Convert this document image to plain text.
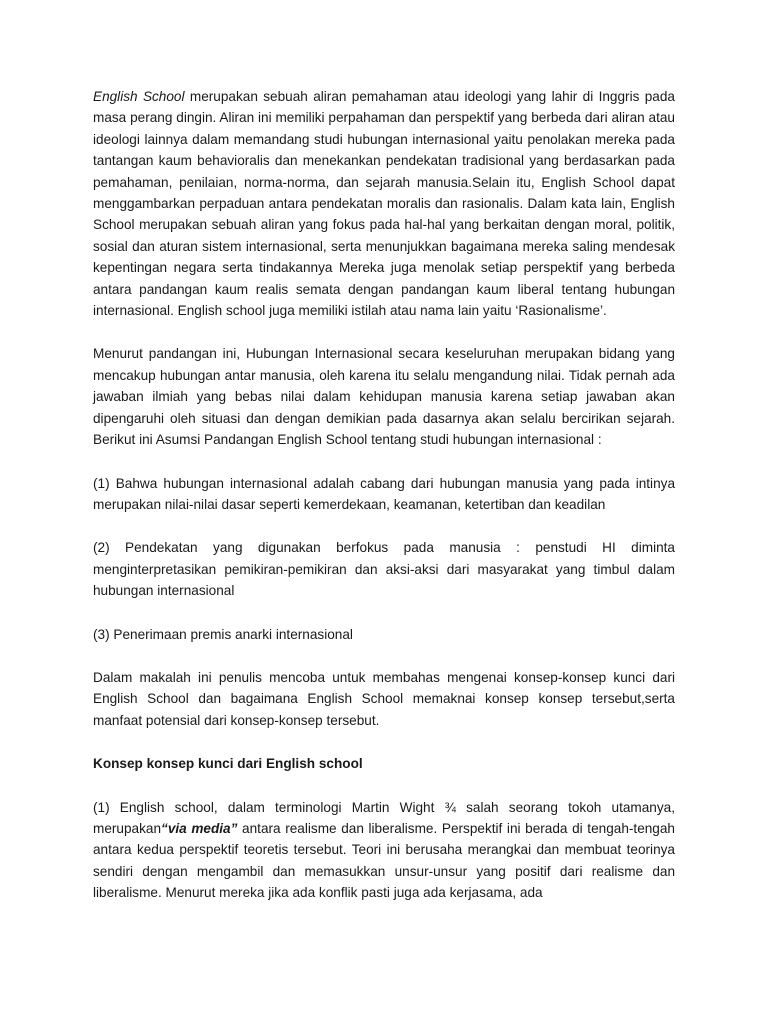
English School merupakan sebuah aliran pemahaman atau ideologi yang lahir di Inggris pada masa perang dingin. Aliran ini memiliki perpahaman dan perspektif yang berbeda dari aliran atau ideologi lainnya dalam memandang studi hubungan internasional yaitu penolakan mereka pada tantangan kaum behavioralis dan menekankan pendekatan tradisional yang berdasarkan pada pemahaman, penilaian, norma-norma, dan sejarah manusia.Selain itu, English School dapat menggambarkan perpaduan antara pendekatan moralis dan rasionalis. Dalam kata lain, English School merupakan sebuah aliran yang fokus pada hal-hal yang berkaitan dengan moral, politik, sosial dan aturan sistem internasional, serta menunjukkan bagaimana mereka saling mendesak kepentingan negara serta tindakannya Mereka juga menolak setiap perspektif yang berbeda antara pandangan kaum realis semata dengan pandangan kaum liberal tentang hubungan internasional. English school juga memiliki istilah atau nama lain yaitu ‘Rasionalisme’.

Menurut pandangan ini, Hubungan Internasional secara keseluruhan merupakan bidang yang mencakup hubungan antar manusia, oleh karena itu selalu mengandung nilai. Tidak pernah ada jawaban ilmiah yang bebas nilai dalam kehidupan manusia karena setiap jawaban akan dipengaruhi oleh situasi dan dengan demikian pada dasarnya akan selalu bercirikan sejarah. Berikut ini Asumsi Pandangan English School tentang studi hubungan internasional :

(1) Bahwa hubungan internasional adalah cabang dari hubungan manusia yang pada intinya merupakan nilai-nilai dasar seperti kemerdekaan, keamanan, ketertiban dan keadilan

(2) Pendekatan yang digunakan berfokus pada manusia : penstudi HI diminta menginterpretasikan pemikiran-pemikiran dan aksi-aksi dari masyarakat yang timbul dalam hubungan internasional

(3) Penerimaan premis anarki internasional

Dalam makalah ini penulis mencoba untuk membahas mengenai konsep-konsep kunci dari English School dan bagaimana English School memaknai konsep konsep tersebut,serta manfaat potensial dari konsep-konsep tersebut.

Konsep konsep kunci dari English school

(1) English school, dalam terminologi Martin Wight ¾ salah seorang tokoh utamanya, merupakan“via media” antara realisme dan liberalisme. Perspektif ini berada di tengah-tengah antara kedua perspektif teoretis tersebut. Teori ini berusaha merangkai dan membuat teorinya sendiri dengan mengambil dan memasukkan unsur-unsur yang positif dari realisme dan liberalisme. Menurut mereka jika ada konflik pasti juga ada kerjasama, ada
